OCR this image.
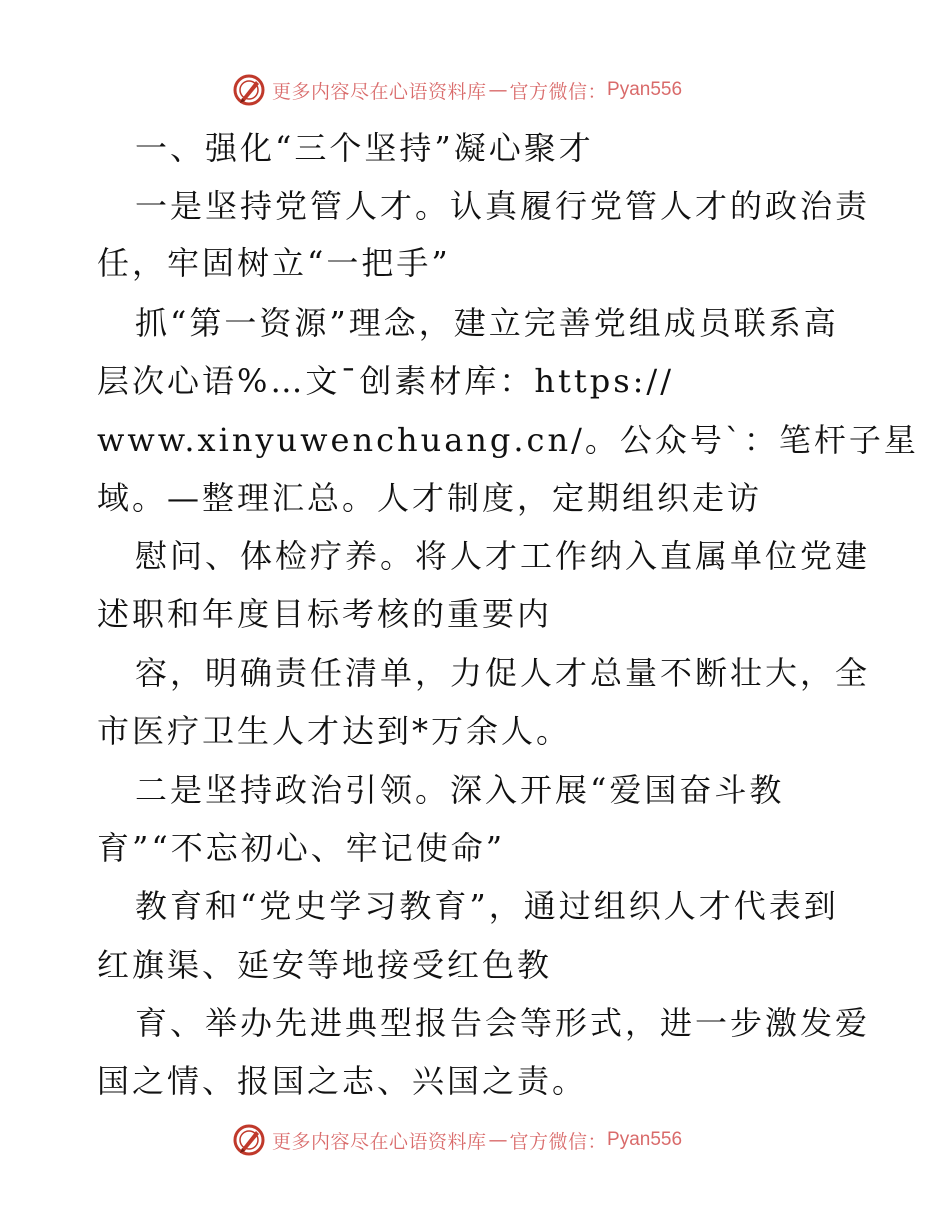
更多内容尽在心语资料库 — 官方微信： Pyan556
一、强化“三个坚持”凝心聚才
一是坚持党管人才。认真履行党管人才的政治责
任，牢固树立“一把手”
抓“第一资源”理念，建立完善党组成员联系高
层次心语%…文¯创素材库：https://
www.xinyuwenchuang.cn/。公众号`：笔杆子星
域。—整理汇总。人才制度，定期组织走访
慰问、体检疗养。将人才工作纳入直属单位党建
述职和年度目标考核的重要内
容，明确责任清单，力促人才总量不断壮大，全
市医疗卫生人才达到*万余人。
二是坚持政治引领。深入开展“爱国奋斗教
育”“不忘初心、牢记使命”
教育和“党史学习教育”，通过组织人才代表到
红旗渠、延安等地接受红色教
育、举办先进典型报告会等形式，进一步激发爱
国之情、报国之志、兴国之责。
更多内容尽在心语资料库 — 官方微信： Pyan556
